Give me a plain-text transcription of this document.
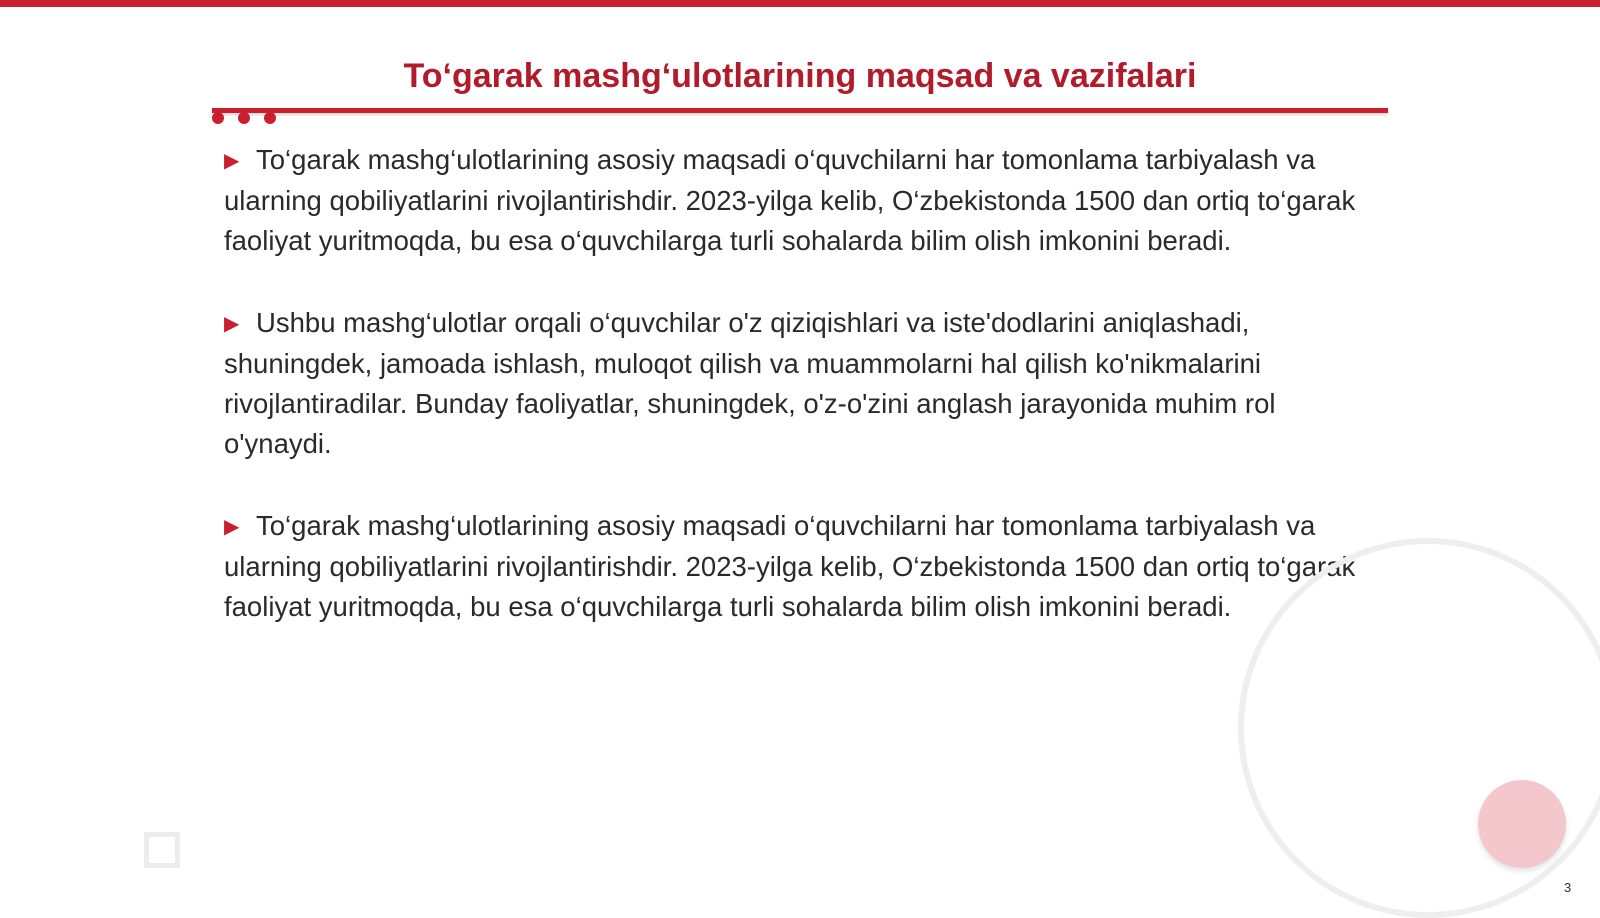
To‘garak mashg‘ulotlarining maqsad va vazifalari

▶ To‘garak mashg‘ulotlarining asosiy maqsadi o‘quvchilarni har tomonlama tarbiyalash va ularning qobiliyatlarini rivojlantirishdir. 2023-yilga kelib, O‘zbekistonda 1500 dan ortiq to‘garak faoliyat yuritmoqda, bu esa o‘quvchilarga turli sohalarda bilim olish imkonini beradi.

▶ Ushbu mashg‘ulotlar orqali o‘quvchilar o'z qiziqishlari va iste'dodlarini aniqlashadi, shuningdek, jamoada ishlash, muloqot qilish va muammolarni hal qilish ko'nikmalarini rivojlantiradilar. Bunday faoliyatlar, shuningdek, o'z-o'zini anglash jarayonida muhim rol o'ynaydi.

▶ To‘garak mashg‘ulotlarining asosiy maqsadi o‘quvchilarni har tomonlama tarbiyalash va ularning qobiliyatlarini rivojlantirishdir. 2023-yilga kelib, O‘zbekistonda 1500 dan ortiq to‘garak faoliyat yuritmoqda, bu esa o‘quvchilarga turli sohalarda bilim olish imkonini beradi.

3
